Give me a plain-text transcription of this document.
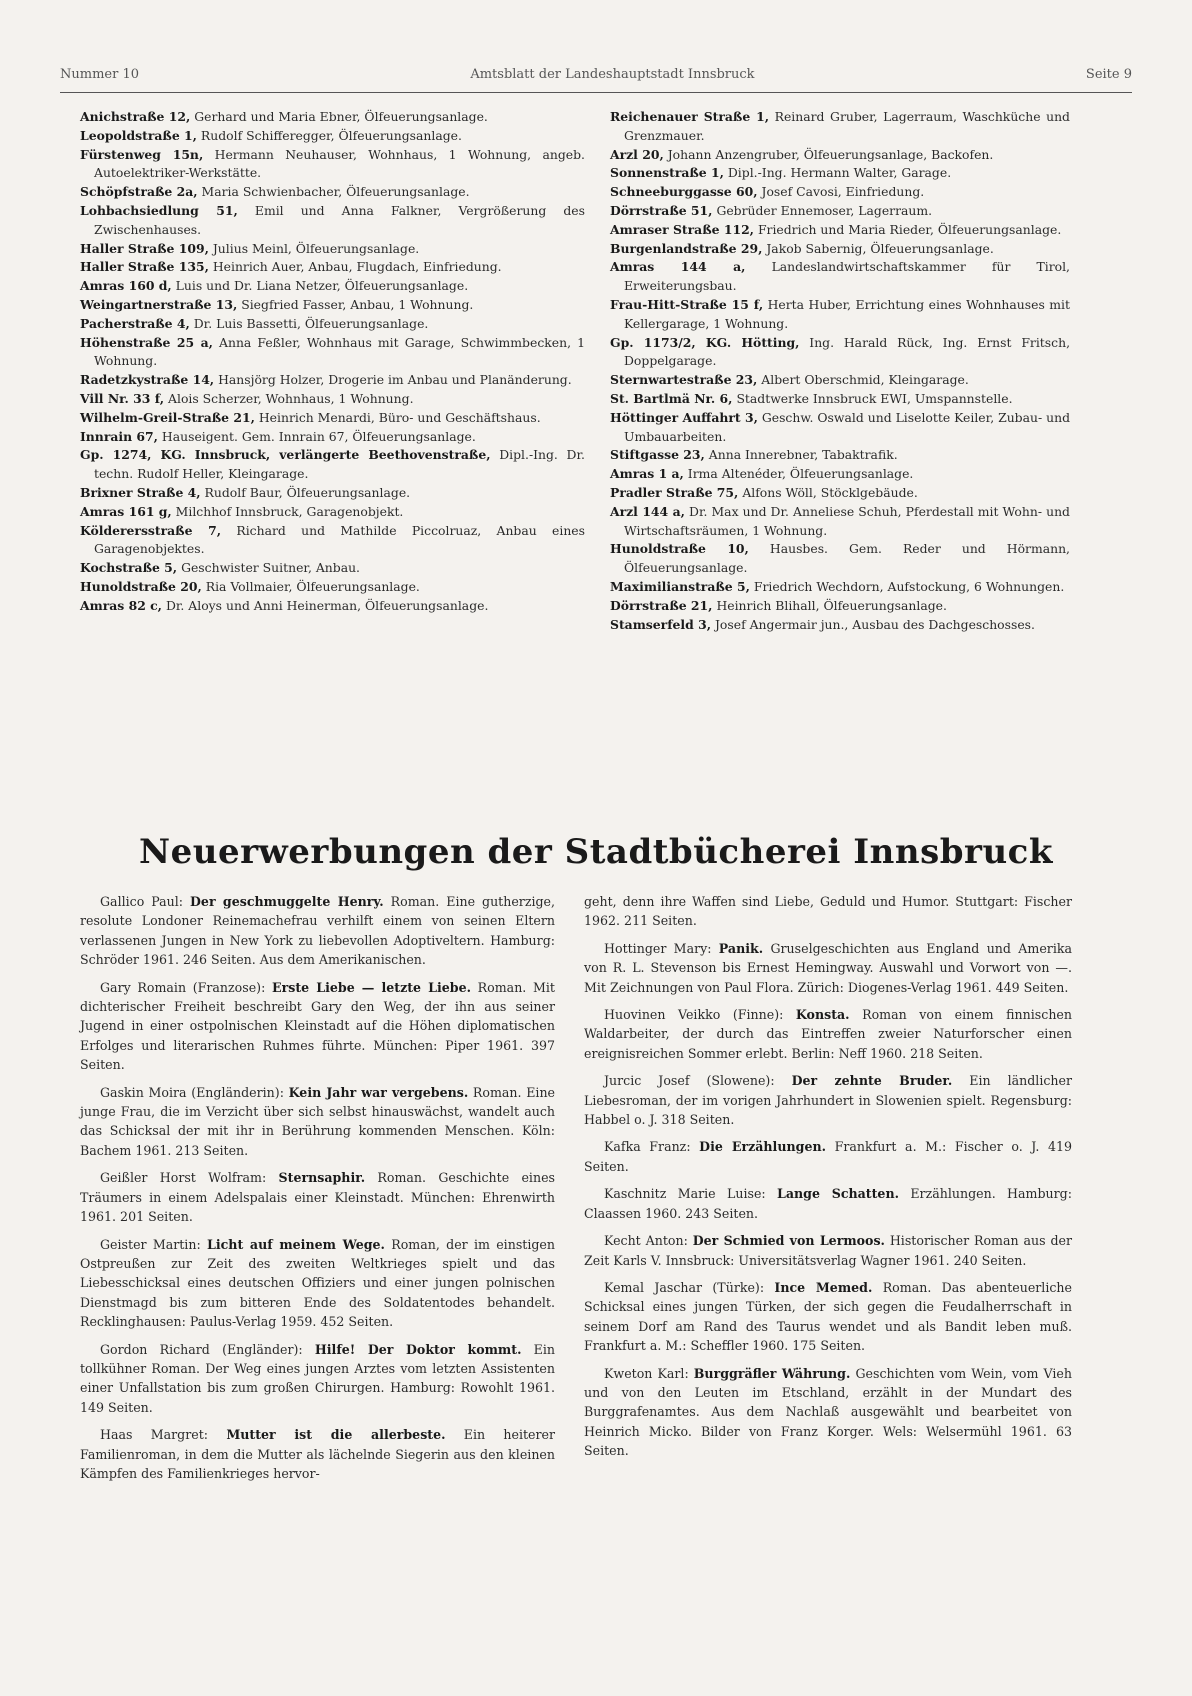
Nummer 10	Amtsblatt der Landeshauptstadt Innsbruck	Seite 9

Anichstraße 12, Gerhard und Maria Ebner, Ölfeuerungsanlage.

Leopoldstraße 1, Rudolf Schifferegger, Ölfeuerungsanlage.

Fürstenweg 15n, Hermann Neuhauser, Wohnhaus, 1 Wohnung, angeb. Autoelektriker-Werkstätte.

Schöpfstraße 2a, Maria Schwienbacher, Ölfeuerungsanlage.

Lohbachsiedlung 51, Emil und Anna Falkner, Vergrößerung des Zwischenhauses.

Haller Straße 109, Julius Meinl, Ölfeuerungsanlage.

Haller Straße 135, Heinrich Auer, Anbau, Flugdach, Einfriedung.

Amras 160 d, Luis und Dr. Liana Netzer, Ölfeuerungsanlage.

Weingartnerstraße 13, Siegfried Fasser, Anbau, 1 Wohnung.

Pacherstraße 4, Dr. Luis Bassetti, Ölfeuerungsanlage.

Höhenstraße 25 a, Anna Feßler, Wohnhaus mit Garage, Schwimmbecken, 1 Wohnung.

Radetzkystraße 14, Hansjörg Holzer, Drogerie im Anbau und Planänderung.

Vill Nr. 33 f, Alois Scherzer, Wohnhaus, 1 Wohnung.

Wilhelm-Greil-Straße 21, Heinrich Menardi, Büro- und Geschäftshaus.

Innrain 67, Hauseigent. Gem. Innrain 67, Ölfeuerungsanlage.

Gp. 1274, KG. Innsbruck, verlängerte Beethovenstraße, Dipl.-Ing. Dr. techn. Rudolf Heller, Kleingarage.

Brixner Straße 4, Rudolf Baur, Ölfeuerungsanlage.

Amras 161 g, Milchhof Innsbruck, Garagenobjekt.

Kölderersstraße 7, Richard und Mathilde Piccolruaz, Anbau eines Garagenobjektes.

Kochstraße 5, Geschwister Suitner, Anbau.

Hunoldstraße 20, Ria Vollmaier, Ölfeuerungsanlage.

Amras 82 c, Dr. Aloys und Anni Heinerman, Ölfeuerungsanlage.

Reichenauer Straße 1, Reinard Gruber, Lagerraum, Waschküche und Grenzmauer.

Arzl 20, Johann Anzengruber, Ölfeuerungsanlage, Backofen.

Sonnenstraße 1, Dipl.-Ing. Hermann Walter, Garage.

Schneeburggasse 60, Josef Cavosi, Einfriedung.

Dörrstraße 51, Gebrüder Ennemoser, Lagerraum.

Amraser Straße 112, Friedrich und Maria Rieder, Ölfeuerungsanlage.

Burgenlandstraße 29, Jakob Sabernig, Ölfeuerungsanlage.

Amras 144 a, Landeslandwirtschaftskammer für Tirol, Erweiterungsbau.

Frau-Hitt-Straße 15 f, Herta Huber, Errichtung eines Wohnhauses mit Kellergarage, 1 Wohnung.

Gp. 1173/2, KG. Hötting, Ing. Harald Rück, Ing. Ernst Fritsch, Doppelgarage.

Sternwartestraße 23, Albert Oberschmid, Kleingarage.

St. Bartlmä Nr. 6, Stadtwerke Innsbruck EWI, Umspannstelle.

Höttinger Auffahrt 3, Geschw. Oswald und Liselotte Keiler, Zubau- und Umbauarbeiten.

Stiftgasse 23, Anna Innerebner, Tabaktrafik.

Amras 1 a, Irma Altenéder, Ölfeuerungsanlage.

Pradler Straße 75, Alfons Wöll, Stöcklgebäude.

Arzl 144 a, Dr. Max und Dr. Anneliese Schuh, Pferdestall mit Wohn- und Wirtschaftsräumen, 1 Wohnung.

Hunoldstraße 10, Hausbes. Gem. Reder und Hörmann, Ölfeuerungsanlage.

Maximilianstraße 5, Friedrich Wechdorn, Aufstockung, 6 Wohnungen.

Dörrstraße 21, Heinrich Blihall, Ölfeuerungsanlage.

Stamserfeld 3, Josef Angermair jun., Ausbau des Dachgeschosses.

Neuerwerbungen der Stadtbücherei Innsbruck

Gallico Paul: Der geschmuggelte Henry. Roman. Eine gutherzige, resolute Londoner Reinemachefrau verhilft einem von seinen Eltern verlassenen Jungen in New York zu liebevollen Adoptiveltern. Hamburg: Schröder 1961. 246 Seiten. Aus dem Amerikanischen.

Gary Romain (Franzose): Erste Liebe — letzte Liebe. Roman. Mit dichterischer Freiheit beschreibt Gary den Weg, der ihn aus seiner Jugend in einer ostpolnischen Kleinstadt auf die Höhen diplomatischen Erfolges und literarischen Ruhmes führte. München: Piper 1961. 397 Seiten.

Gaskin Moira (Engländerin): Kein Jahr war vergebens. Roman. Eine junge Frau, die im Verzicht über sich selbst hinauswächst, wandelt auch das Schicksal der mit ihr in Berührung kommenden Menschen. Köln: Bachem 1961. 213 Seiten.

Geißler Horst Wolfram: Sternsaphir. Roman. Geschichte eines Träumers in einem Adelspalais einer Kleinstadt. München: Ehrenwirth 1961. 201 Seiten.

Geister Martin: Licht auf meinem Wege. Roman, der im einstigen Ostpreußen zur Zeit des zweiten Weltkrieges spielt und das Liebesschicksal eines deutschen Offiziers und einer jungen polnischen Dienstmagd bis zum bitteren Ende des Soldatentodes behandelt. Recklinghausen: Paulus-Verlag 1959. 452 Seiten.

Gordon Richard (Engländer): Hilfe! Der Doktor kommt. Ein tollkühner Roman. Der Weg eines jungen Arztes vom letzten Assistenten einer Unfallstation bis zum großen Chirurgen. Hamburg: Rowohlt 1961. 149 Seiten.

Haas Margret: Mutter ist die allerbeste. Ein heiterer Familienroman, in dem die Mutter als lächelnde Siegerin aus den kleinen Kämpfen des Familienkrieges hervor-

geht, denn ihre Waffen sind Liebe, Geduld und Humor. Stuttgart: Fischer 1962. 211 Seiten.

Hottinger Mary: Panik. Gruselgeschichten aus England und Amerika von R. L. Stevenson bis Ernest Hemingway. Auswahl und Vorwort von —. Mit Zeichnungen von Paul Flora. Zürich: Diogenes-Verlag 1961. 449 Seiten.

Huovinen Veikko (Finne): Konsta. Roman von einem finnischen Waldarbeiter, der durch das Eintreffen zweier Naturforscher einen ereignisreichen Sommer erlebt. Berlin: Neff 1960. 218 Seiten.

Jurcic Josef (Slowene): Der zehnte Bruder. Ein ländlicher Liebesroman, der im vorigen Jahrhundert in Slowenien spielt. Regensburg: Habbel o. J. 318 Seiten.

Kafka Franz: Die Erzählungen. Frankfurt a. M.: Fischer o. J. 419 Seiten.

Kaschnitz Marie Luise: Lange Schatten. Erzählungen. Hamburg: Claassen 1960. 243 Seiten.

Kecht Anton: Der Schmied von Lermoos. Historischer Roman aus der Zeit Karls V. Innsbruck: Universitätsverlag Wagner 1961. 240 Seiten.

Kemal Jaschar (Türke): Ince Memed. Roman. Das abenteuerliche Schicksal eines jungen Türken, der sich gegen die Feudalherrschaft in seinem Dorf am Rand des Taurus wendet und als Bandit leben muß. Frankfurt a. M.: Scheffler 1960. 175 Seiten.

Kweton Karl: Burggräfler Währung. Geschichten vom Wein, vom Vieh und von den Leuten im Etschland, erzählt in der Mundart des Burggrafenamtes. Aus dem Nachlaß ausgewählt und bearbeitet von Heinrich Micko. Bilder von Franz Korger. Wels: Welsermühl 1961. 63 Seiten.
